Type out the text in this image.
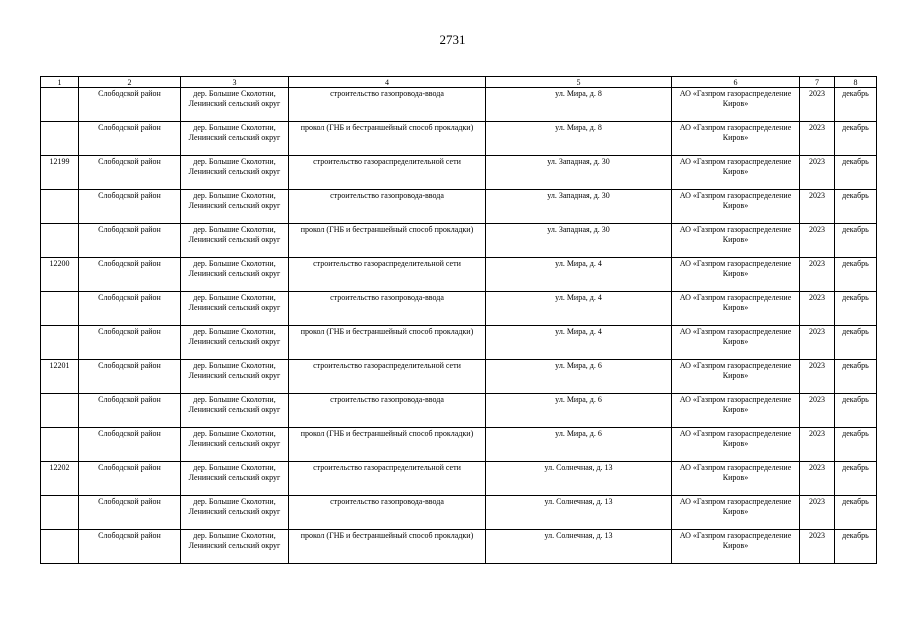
2731
1	2	3	4	5	6	7	8
	Слободской район	дер. Большие Сколотни,
Ленинский сельский округ	строительство газопровода-ввода	ул. Мира, д. 8	АО «Газпром газораспределение
Киров»	2023	декабрь
	Слободской район	дер. Большие Сколотни,
Ленинский сельский округ	прокол (ГНБ и бестраншейный способ прокладки)	ул. Мира, д. 8	АО «Газпром газораспределение
Киров»	2023	декабрь
12199	Слободской район	дер. Большие Сколотни,
Ленинский сельский округ	строительство газораспределительной сети	ул. Западная, д. 30	АО «Газпром газораспределение
Киров»	2023	декабрь
	Слободской район	дер. Большие Сколотни,
Ленинский сельский округ	строительство газопровода-ввода	ул. Западная, д. 30	АО «Газпром газораспределение
Киров»	2023	декабрь
	Слободской район	дер. Большие Сколотни,
Ленинский сельский округ	прокол (ГНБ и бестраншейный способ прокладки)	ул. Западная, д. 30	АО «Газпром газораспределение
Киров»	2023	декабрь
12200	Слободской район	дер. Большие Сколотни,
Ленинский сельский округ	строительство газораспределительной сети	ул. Мира, д. 4	АО «Газпром газораспределение
Киров»	2023	декабрь
	Слободской район	дер. Большие Сколотни,
Ленинский сельский округ	строительство газопровода-ввода	ул. Мира, д. 4	АО «Газпром газораспределение
Киров»	2023	декабрь
	Слободской район	дер. Большие Сколотни,
Ленинский сельский округ	прокол (ГНБ и бестраншейный способ прокладки)	ул. Мира, д. 4	АО «Газпром газораспределение
Киров»	2023	декабрь
12201	Слободской район	дер. Большие Сколотни,
Ленинский сельский округ	строительство газораспределительной сети	ул. Мира, д. 6	АО «Газпром газораспределение
Киров»	2023	декабрь
	Слободской район	дер. Большие Сколотни,
Ленинский сельский округ	строительство газопровода-ввода	ул. Мира, д. 6	АО «Газпром газораспределение
Киров»	2023	декабрь
	Слободской район	дер. Большие Сколотни,
Ленинский сельский округ	прокол (ГНБ и бестраншейный способ прокладки)	ул. Мира, д. 6	АО «Газпром газораспределение
Киров»	2023	декабрь
12202	Слободской район	дер. Большие Сколотни,
Ленинский сельский округ	строительство газораспределительной сети	ул. Солнечная, д. 13	АО «Газпром газораспределение
Киров»	2023	декабрь
	Слободской район	дер. Большие Сколотни,
Ленинский сельский округ	строительство газопровода-ввода	ул. Солнечная, д. 13	АО «Газпром газораспределение
Киров»	2023	декабрь
	Слободской район	дер. Большие Сколотни,
Ленинский сельский округ	прокол (ГНБ и бестраншейный способ прокладки)	ул. Солнечная, д. 13	АО «Газпром газораспределение
Киров»	2023	декабрь
